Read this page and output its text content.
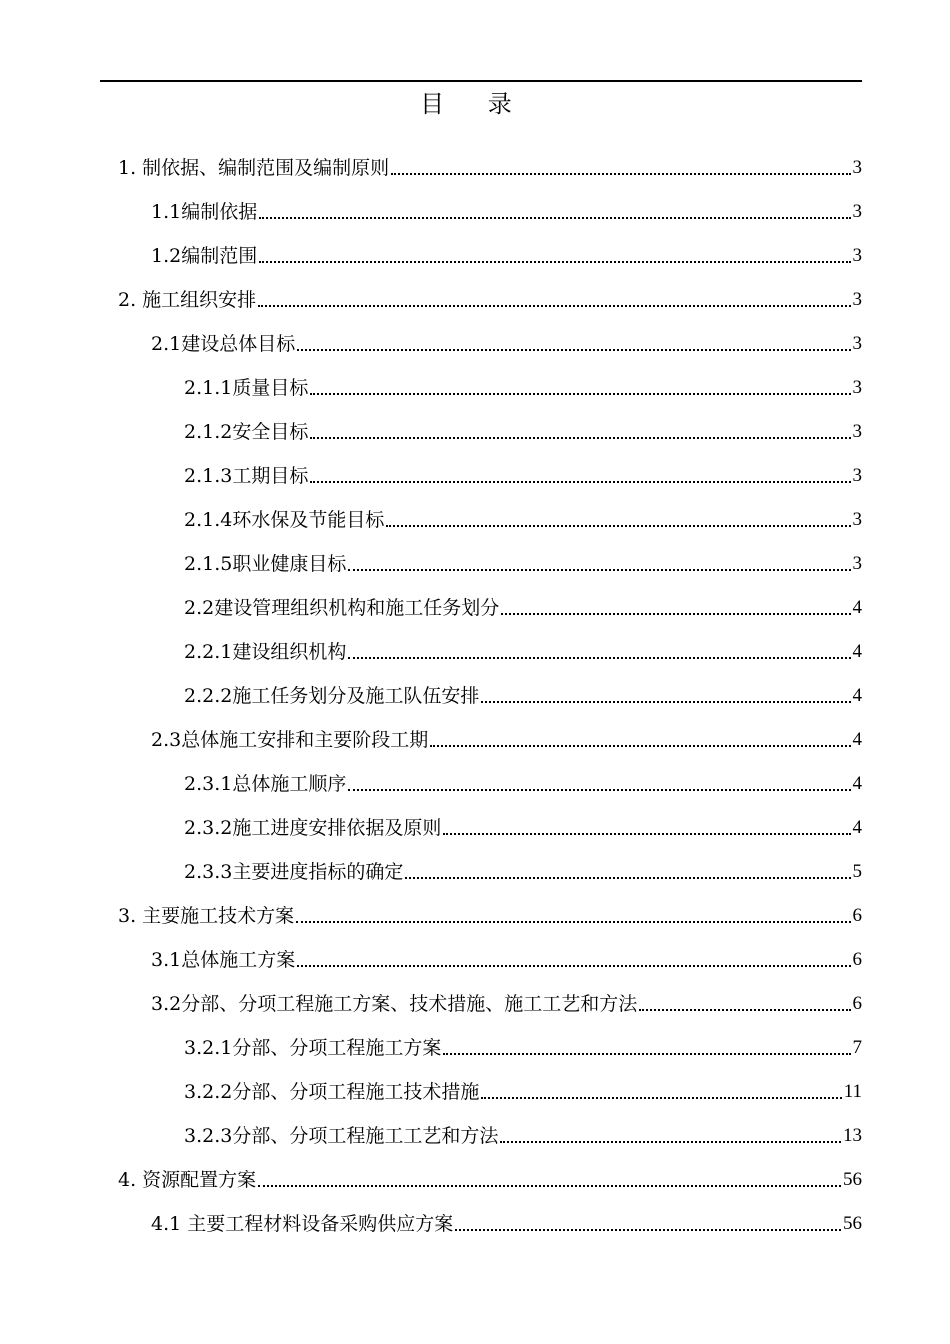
目 录
1. 制依据、编制范围及编制原则	3
1.1编制依据	3
1.2编制范围	3
2. 施工组织安排	3
2.1建设总体目标	3
2.1.1质量目标	3
2.1.2安全目标	3
2.1.3工期目标	3
2.1.4环水保及节能目标	3
2.1.5职业健康目标	3
2.2建设管理组织机构和施工任务划分	4
2.2.1建设组织机构	4
2.2.2施工任务划分及施工队伍安排	4
2.3总体施工安排和主要阶段工期	4
2.3.1总体施工顺序	4
2.3.2施工进度安排依据及原则	4
2.3.3主要进度指标的确定	5
3. 主要施工技术方案	6
3.1总体施工方案	6
3.2分部、分项工程施工方案、技术措施、施工工艺和方法	6
3.2.1分部、分项工程施工方案	7
3.2.2分部、分项工程施工技术措施	11
3.2.3分部、分项工程施工工艺和方法	13
4. 资源配置方案	56
4.1 主要工程材料设备采购供应方案	56
